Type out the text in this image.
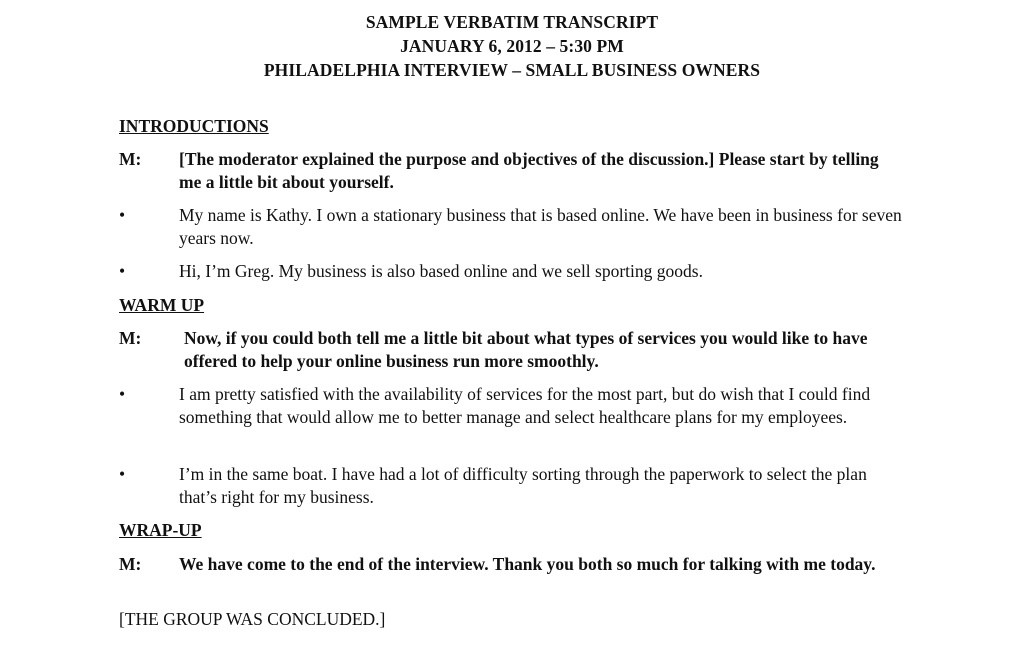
SAMPLE VERBATIM TRANSCRIPT
JANUARY 6, 2012 – 5:30 PM
PHILADELPHIA INTERVIEW – SMALL BUSINESS OWNERS
INTRODUCTIONS
M:	[The moderator explained the purpose and objectives of the discussion.] Please start by telling me a little bit about yourself.
•	My name is Kathy. I own a stationary business that is based online. We have been in business for seven years now.
•	Hi, I’m Greg. My business is also based online and we sell sporting goods.
WARM UP
M:	Now, if you could both tell me a little bit about what types of services you would like to have offered to help your online business run more smoothly.
•	I am pretty satisfied with the availability of services for the most part, but do wish that I could find something that would allow me to better manage and select healthcare plans for my employees.
•	I’m in the same boat. I have had a lot of difficulty sorting through the paperwork to select the plan that’s right for my business.
WRAP-UP
M:	We have come to the end of the interview. Thank you both so much for talking with me today.
[THE GROUP WAS CONCLUDED.]
